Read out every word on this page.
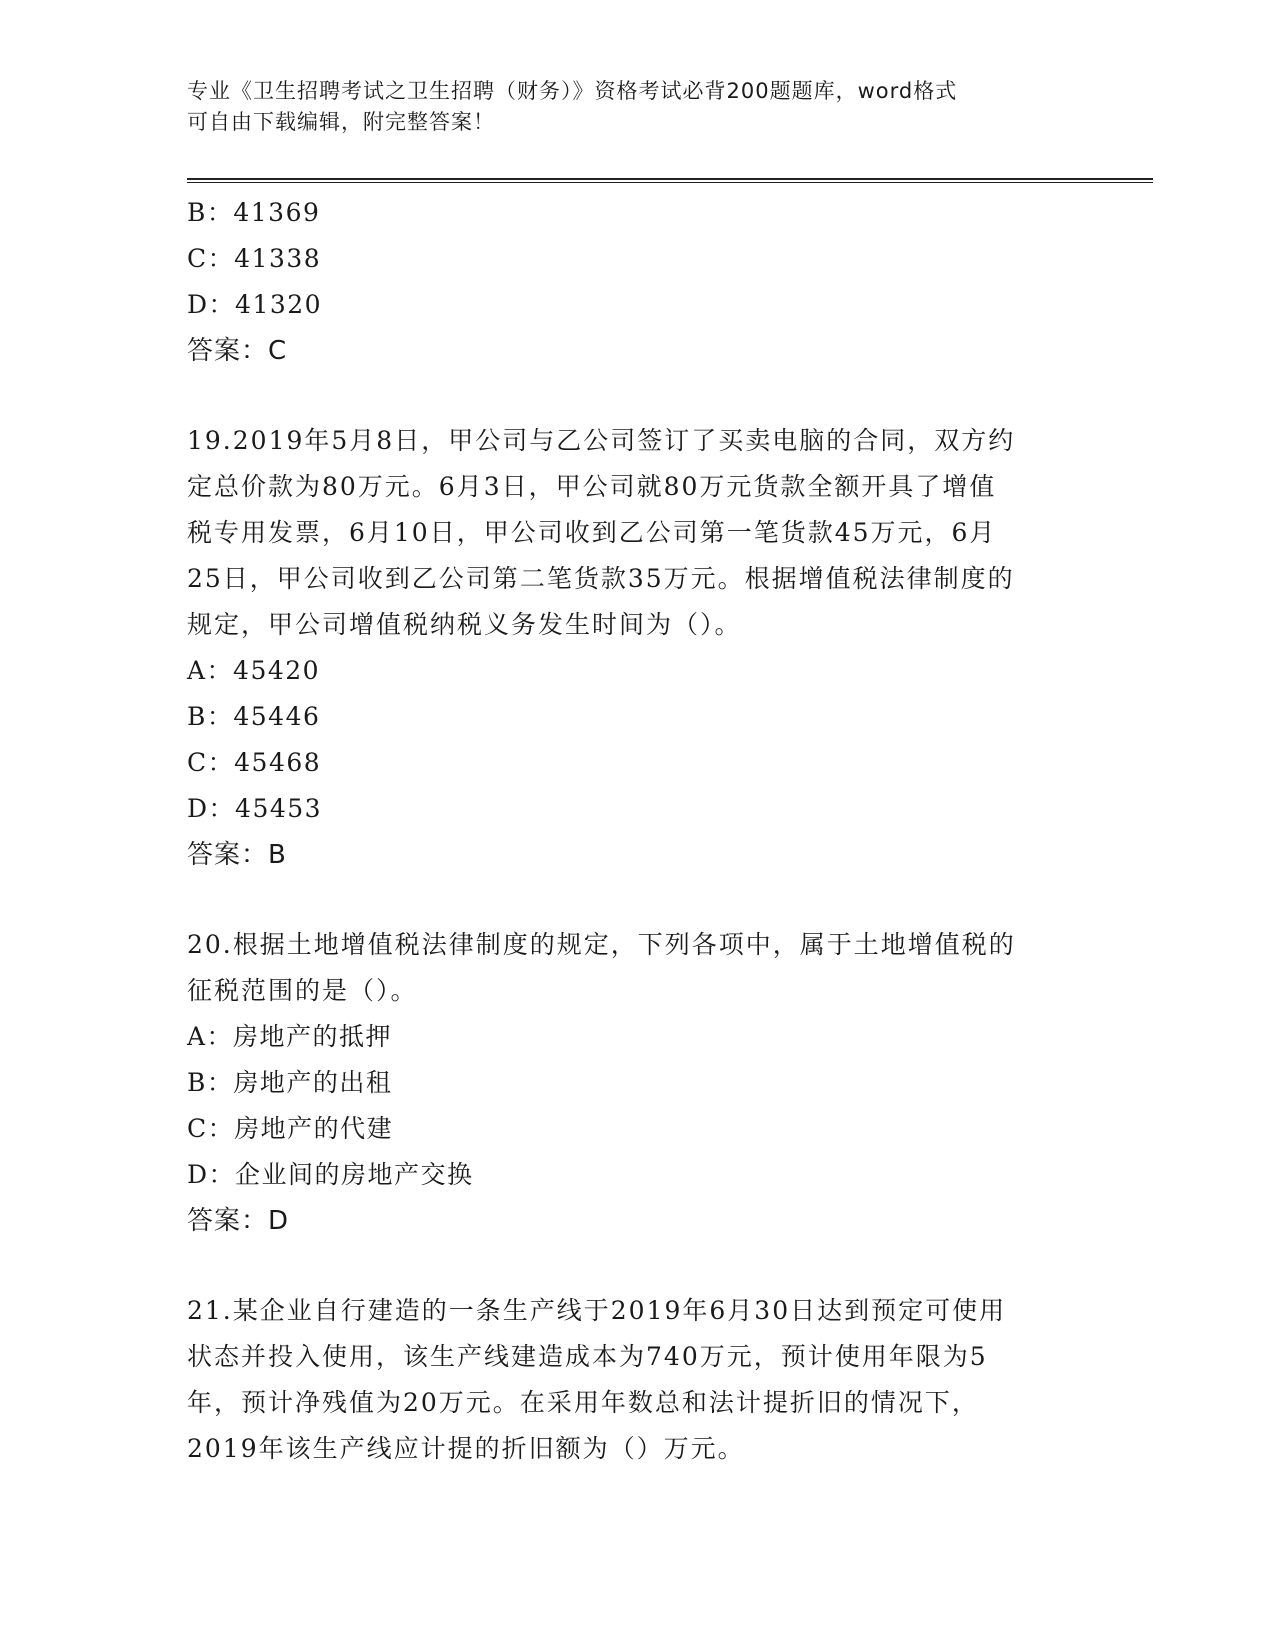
专业《卫生招聘考试之卫生招聘（财务）》资格考试必背200题题库，word格式
可自由下载编辑，附完整答案！
B：41369
C：41338
D：41320
答案：C
19.2019年5月8日，甲公司与乙公司签订了买卖电脑的合同，双方约
定总价款为80万元。6月3日，甲公司就80万元货款全额开具了增值
税专用发票，6月10日，甲公司收到乙公司第一笔货款45万元，6月
25日，甲公司收到乙公司第二笔货款35万元。根据增值税法律制度的
规定，甲公司增值税纳税义务发生时间为（）。
A：45420
B：45446
C：45468
D：45453
答案：B
20.根据土地增值税法律制度的规定，下列各项中，属于土地增值税的
征税范围的是（）。
A：房地产的抵押
B：房地产的出租
C：房地产的代建
D：企业间的房地产交换
答案：D
21.某企业自行建造的一条生产线于2019年6月30日达到预定可使用
状态并投入使用，该生产线建造成本为740万元，预计使用年限为5
年，预计净残值为20万元。在采用年数总和法计提折旧的情况下，
2019年该生产线应计提的折旧额为（）万元。
